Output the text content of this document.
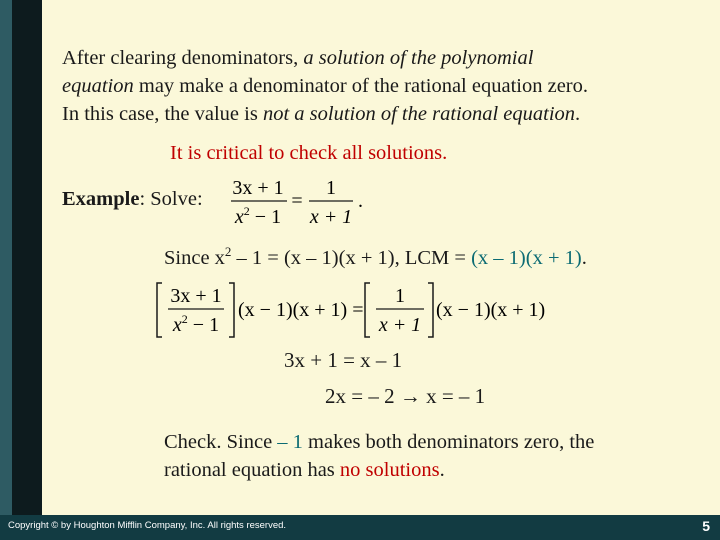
After clearing denominators, a solution of the polynomial
equation may make a denominator of the rational equation zero.
In this case, the value is not a solution of the rational equation.
It is critical to check all solutions.
Example: Solve: 3x + 1
$x^2 - 1$
=
1
x + 1
.
Since $x^2 - 1 = (x - 1)(x + 1)$, LCM = (x – 1)(x + 1).
3x + 1
$x^2 - 1$
(x − 1)(x + 1) =
1
x + 1
(x − 1)(x + 1)
3x + 1 = x – 1
2x = – 2 → x = – 1
Check. Since – 1 makes both denominators zero, the
rational equation has no solutions.
Copyright © by Houghton Mifflin Company, Inc. All rights reserved.	5
